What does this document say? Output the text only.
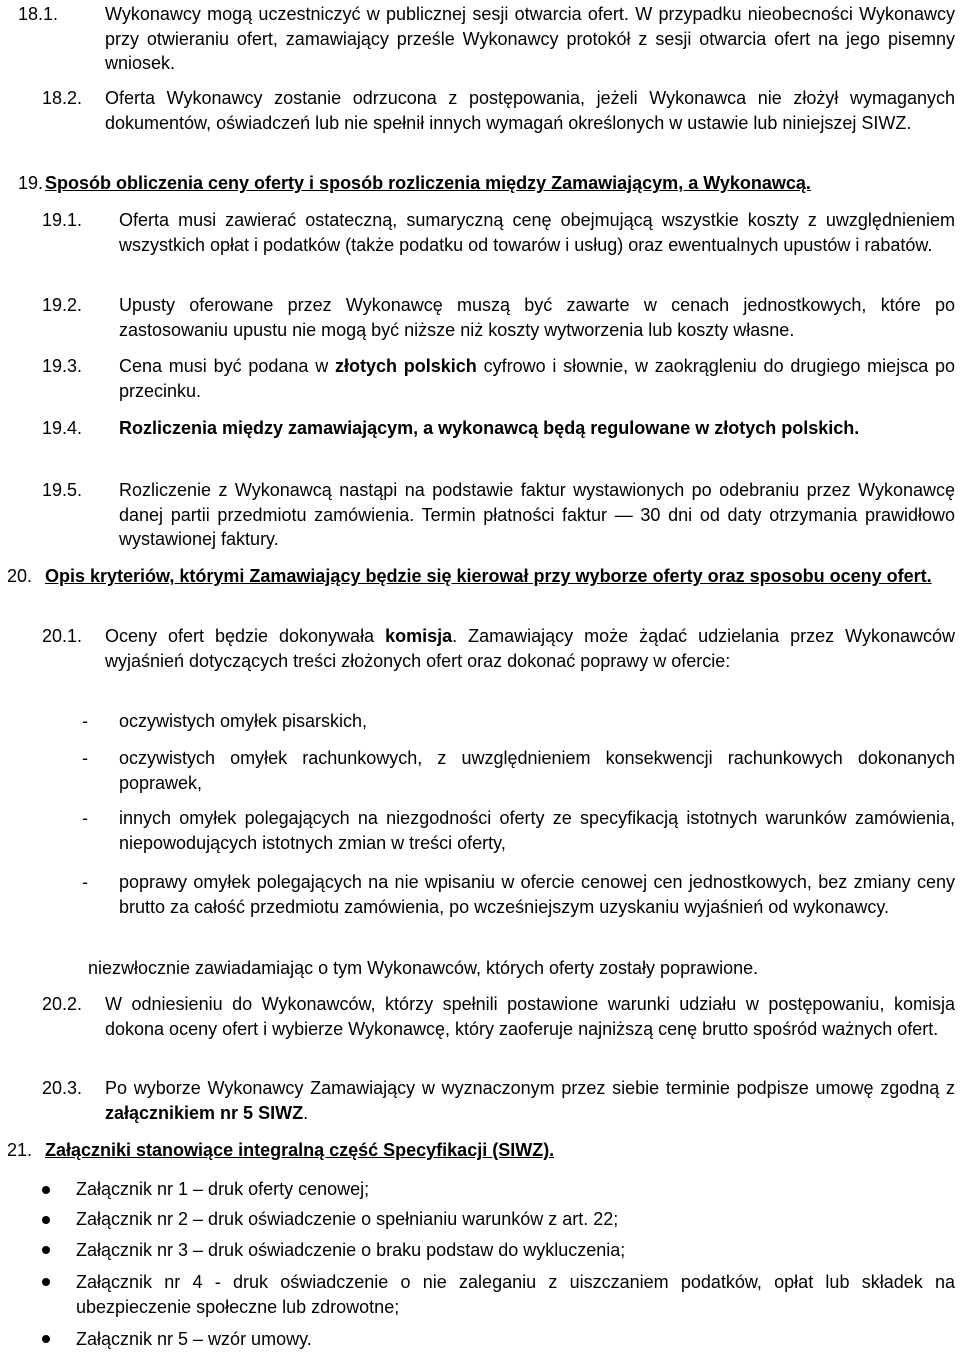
18.1.	Wykonawcy mogą uczestniczyć w publicznej sesji otwarcia ofert. W przypadku nieobecności Wykonawcy przy otwieraniu ofert, zamawiający prześle Wykonawcy protokół z sesji otwarcia ofert na jego pisemny wniosek.
18.2.	Oferta Wykonawcy zostanie odrzucona z postępowania, jeżeli Wykonawca nie złożył wymaganych dokumentów, oświadczeń lub nie spełnił innych wymagań określonych w ustawie lub niniejszej SIWZ.
19. Sposób obliczenia ceny oferty i sposób rozliczenia między Zamawiającym, a Wykonawcą.
19.1.	Oferta musi zawierać ostateczną, sumaryczną cenę obejmującą wszystkie koszty z uwzględnieniem wszystkich opłat i podatków (także podatku od towarów i usług) oraz ewentualnych upustów i rabatów.
19.2.	Upusty oferowane przez Wykonawcę muszą być zawarte w cenach jednostkowych, które po zastosowaniu upustu nie mogą być niższe niż koszty wytworzenia lub koszty własne.
19.3.	Cena musi być podana w złotych polskich cyfrowo i słownie, w zaokrągleniu do drugiego miejsca po przecinku.
19.4.	Rozliczenia między zamawiającym, a wykonawcą będą regulowane w złotych polskich.
19.5.	Rozliczenie z Wykonawcą nastąpi na podstawie faktur wystawionych po odebraniu przez Wykonawcę danej partii przedmiotu zamówienia. Termin płatności faktur — 30 dni od daty otrzymania prawidłowo wystawionej faktury.
20. Opis kryteriów, którymi Zamawiający będzie się kierował przy wyborze oferty oraz sposobu oceny ofert.
20.1.	Oceny ofert będzie dokonywała komisja. Zamawiający może żądać udzielania przez Wykonawców wyjaśnień dotyczących treści złożonych ofert oraz dokonać poprawy w ofercie:
-	oczywistych omyłek pisarskich,
-	oczywistych omyłek rachunkowych, z uwzględnieniem konsekwencji rachunkowych dokonanych poprawek,
-	innych omyłek polegających na niezgodności oferty ze specyfikacją istotnych warunków zamówienia, niepowodujących istotnych zmian w treści oferty,
-	poprawy omyłek polegających na nie wpisaniu w ofercie cenowej cen jednostkowych, bez zmiany ceny brutto za całość przedmiotu zamówienia, po wcześniejszym uzyskaniu wyjaśnień od wykonawcy.
niezwłocznie zawiadamiając o tym Wykonawców, których oferty zostały poprawione.
20.2.	W odniesieniu do Wykonawców, którzy spełnili postawione warunki udziału w postępowaniu, komisja dokona oceny ofert i wybierze Wykonawcę, który zaoferuje najniższą cenę brutto spośród ważnych ofert.
20.3.	Po wyborze Wykonawcy Zamawiający w wyznaczonym przez siebie terminie podpisze umowę zgodną z załącznikiem nr 5 SIWZ.
21. Załączniki stanowiące integralną część Specyfikacji (SIWZ).
Załącznik nr 1 – druk oferty cenowej;
Załącznik nr 2 – druk oświadczenie o spełnianiu warunków z art. 22;
Załącznik nr 3 – druk oświadczenie o braku podstaw do wykluczenia;
Załącznik nr 4 - druk oświadczenie o nie zaleganiu z uiszczaniem podatków, opłat lub składek na ubezpieczenie społeczne lub zdrowotne;
Załącznik nr 5 – wzór umowy.
